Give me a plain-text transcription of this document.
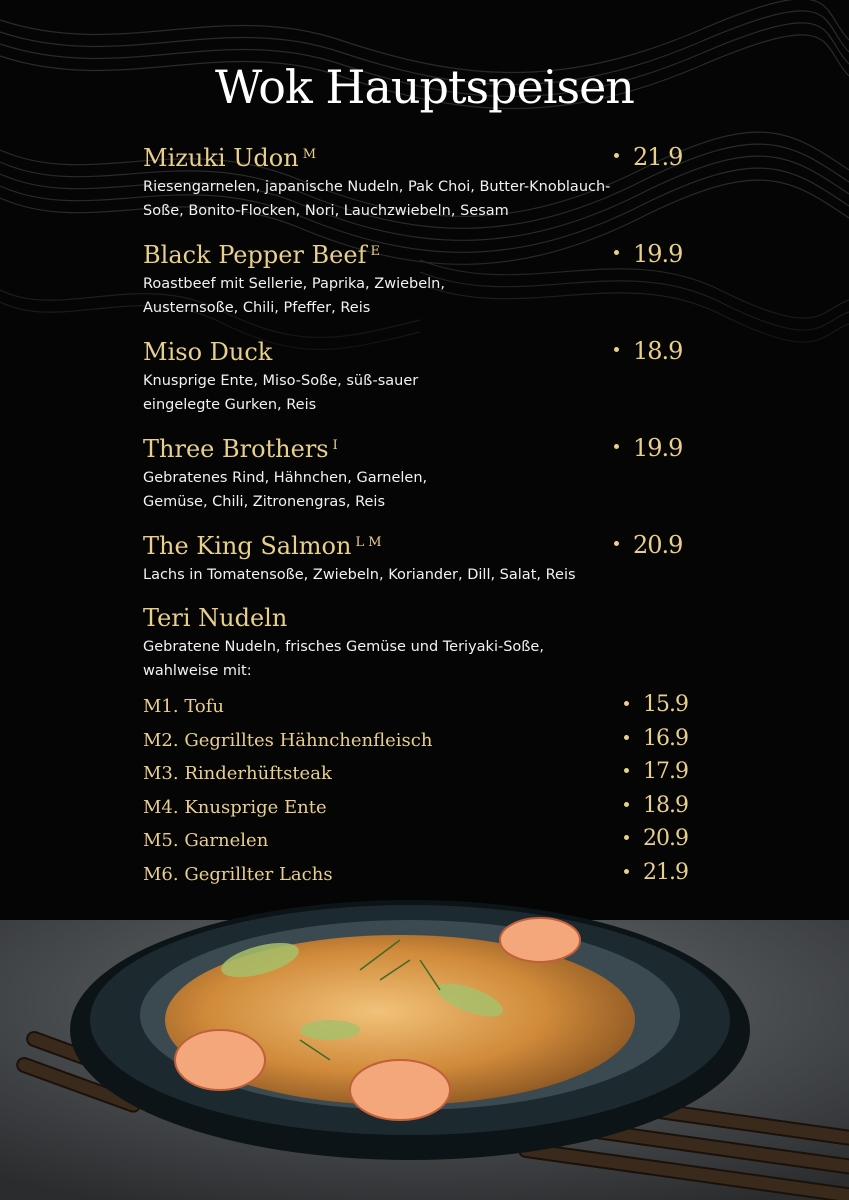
Wok Hauptspeisen
Mizuki Udon $^M$
Riesengarnelen, japanische Nudeln, Pak Choi, Butter-Knoblauch-Soße, Bonito-Flocken, Nori, Lauchzwiebeln, Sesam
21.9
Black Pepper Beef $^E$
Roastbeef mit Sellerie, Paprika, Zwiebeln, Austernsoße, Chili, Pfeffer, Reis
19.9
Miso Duck
Knusprige Ente, Miso-Soße, süß-sauer eingelegte Gurken, Reis
18.9
Three Brothers $^I$
Gebratenes Rind, Hähnchen, Garnelen, Gemüse, Chili, Zitronengras, Reis
19.9
The King Salmon $^{L M}$
Lachs in Tomatensoße, Zwiebeln, Koriander, Dill, Salat, Reis
20.9
Teri Nudeln
Gebratene Nudeln, frisches Gemüse und Teriyaki-Soße, wahlweise mit:
M1. Tofu	15.9
M2. Gegrilltes Hähnchenfleisch	16.9
M3. Rinderhüftsteak	17.9
M4. Knusprige Ente	18.9
M5. Garnelen	20.9
M6. Gegrillter Lachs	21.9
